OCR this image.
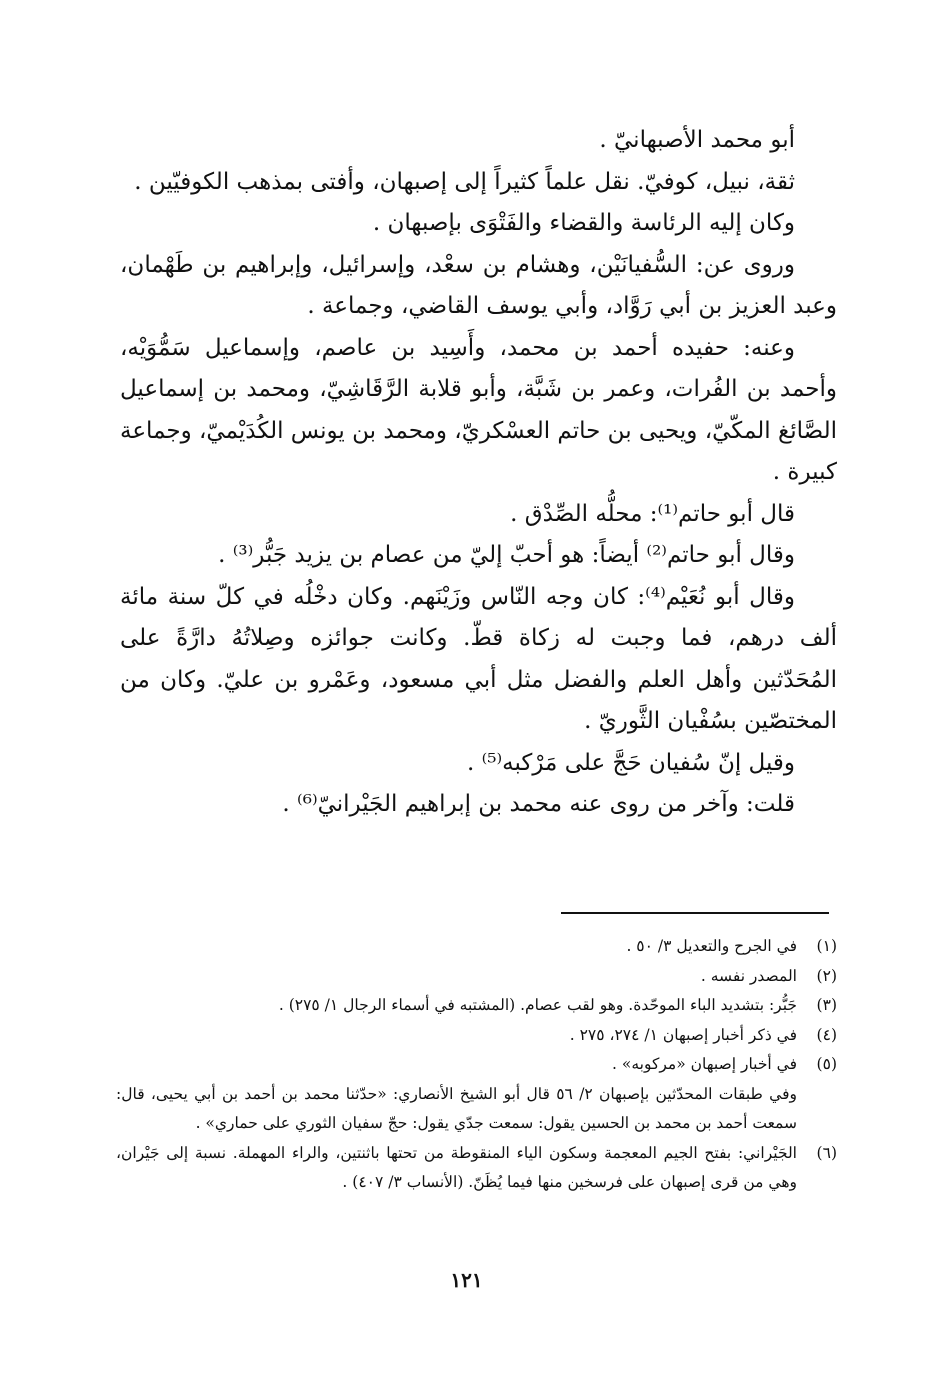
أبو محمد الأصبهانيّ .

ثقة، نبيل، كوفيّ. نقل علماً كثيراً إلى إصبهان، وأفتى بمذهب الكوفيّين .

وكان إليه الرئاسة والقضاء والفَتْوَى بإصبهان .

وروى عن: السُّفيانَيْن، وهشام بن سعْد، وإسرائيل، وإبراهيم بن طَهْمان، وعبد العزيز بن أبي رَوَّاد، وأبي يوسف القاضي، وجماعة .

وعنه: حفيده أحمد بن محمد، وأَسِيد بن عاصم، وإسماعيل سَمُّوَيْه، وأحمد بن الفُرات، وعمر بن شَبَّة، وأبو قلابة الرَّقَاشِيّ، ومحمد بن إسماعيل الصَّائغ المكّيّ، ويحيى بن حاتم العسْكريّ، ومحمد بن يونس الكُدَيْميّ، وجماعة كبيرة .

قال أبو حاتم⁽¹⁾: محلُّه الصِّدْق .

وقال أبو حاتم⁽²⁾ أيضاً: هو أحبّ إليّ من عصام بن يزيد جَبُّر⁽³⁾ .

وقال أبو نُعَيْم⁽⁴⁾: كان وجه النّاس وزَيْنَهم. وكان دخْلُه في كلّ سنة مائة ألف درهم، فما وجبت له زكاة قطّ. وكانت جوائزه وصِلاتُهُ دارَّةً على المُحَدّثين وأهل العلم والفضل مثل أبي مسعود، وعَمْرو بن عليّ. وكان من المختصّين بسُفْيان الثَّوريّ .

وقيل إنّ سُفيان حَجَّ على مَرْكبه⁽⁵⁾ .

قلت: وآخر من روى عنه محمد بن إبراهيم الجَيْرانيّ⁽⁶⁾ .

(١)
في الجرح والتعديل ٣/ ٥٠ .
(٢)
المصدر نفسه .
(٣)
جَبُّر: بتشديد الباء الموحّدة. وهو لقب عصام. (المشتبه في أسماء الرجال ١/ ٢٧٥) .
(٤)
في ذكر أخبار إصبهان ١/ ٢٧٤، ٢٧٥ .
(٥)
في أخبار إصبهان «مركوبه» .

وفي طبقات المحدّثين بإصبهان ٢/ ٥٦ قال أبو الشيخ الأنصاري: «حدّثنا محمد بن أحمد بن أبي يحيى، قال: سمعت أحمد بن محمد بن الحسين يقول: سمعت جدّي يقول: حجّ سفيان الثوري على حماري» .

(٦)
الجَيْراني: بفتح الجيم المعجمة وسكون الياء المنقوطة من تحتها باثنتين، والراء المهملة. نسبة إلى جَيْران، وهي من قرى إصبهان على فرسخين منها فيما يُظَنّ. (الأنساب ٣/ ٤٠٧) .
١٢١
